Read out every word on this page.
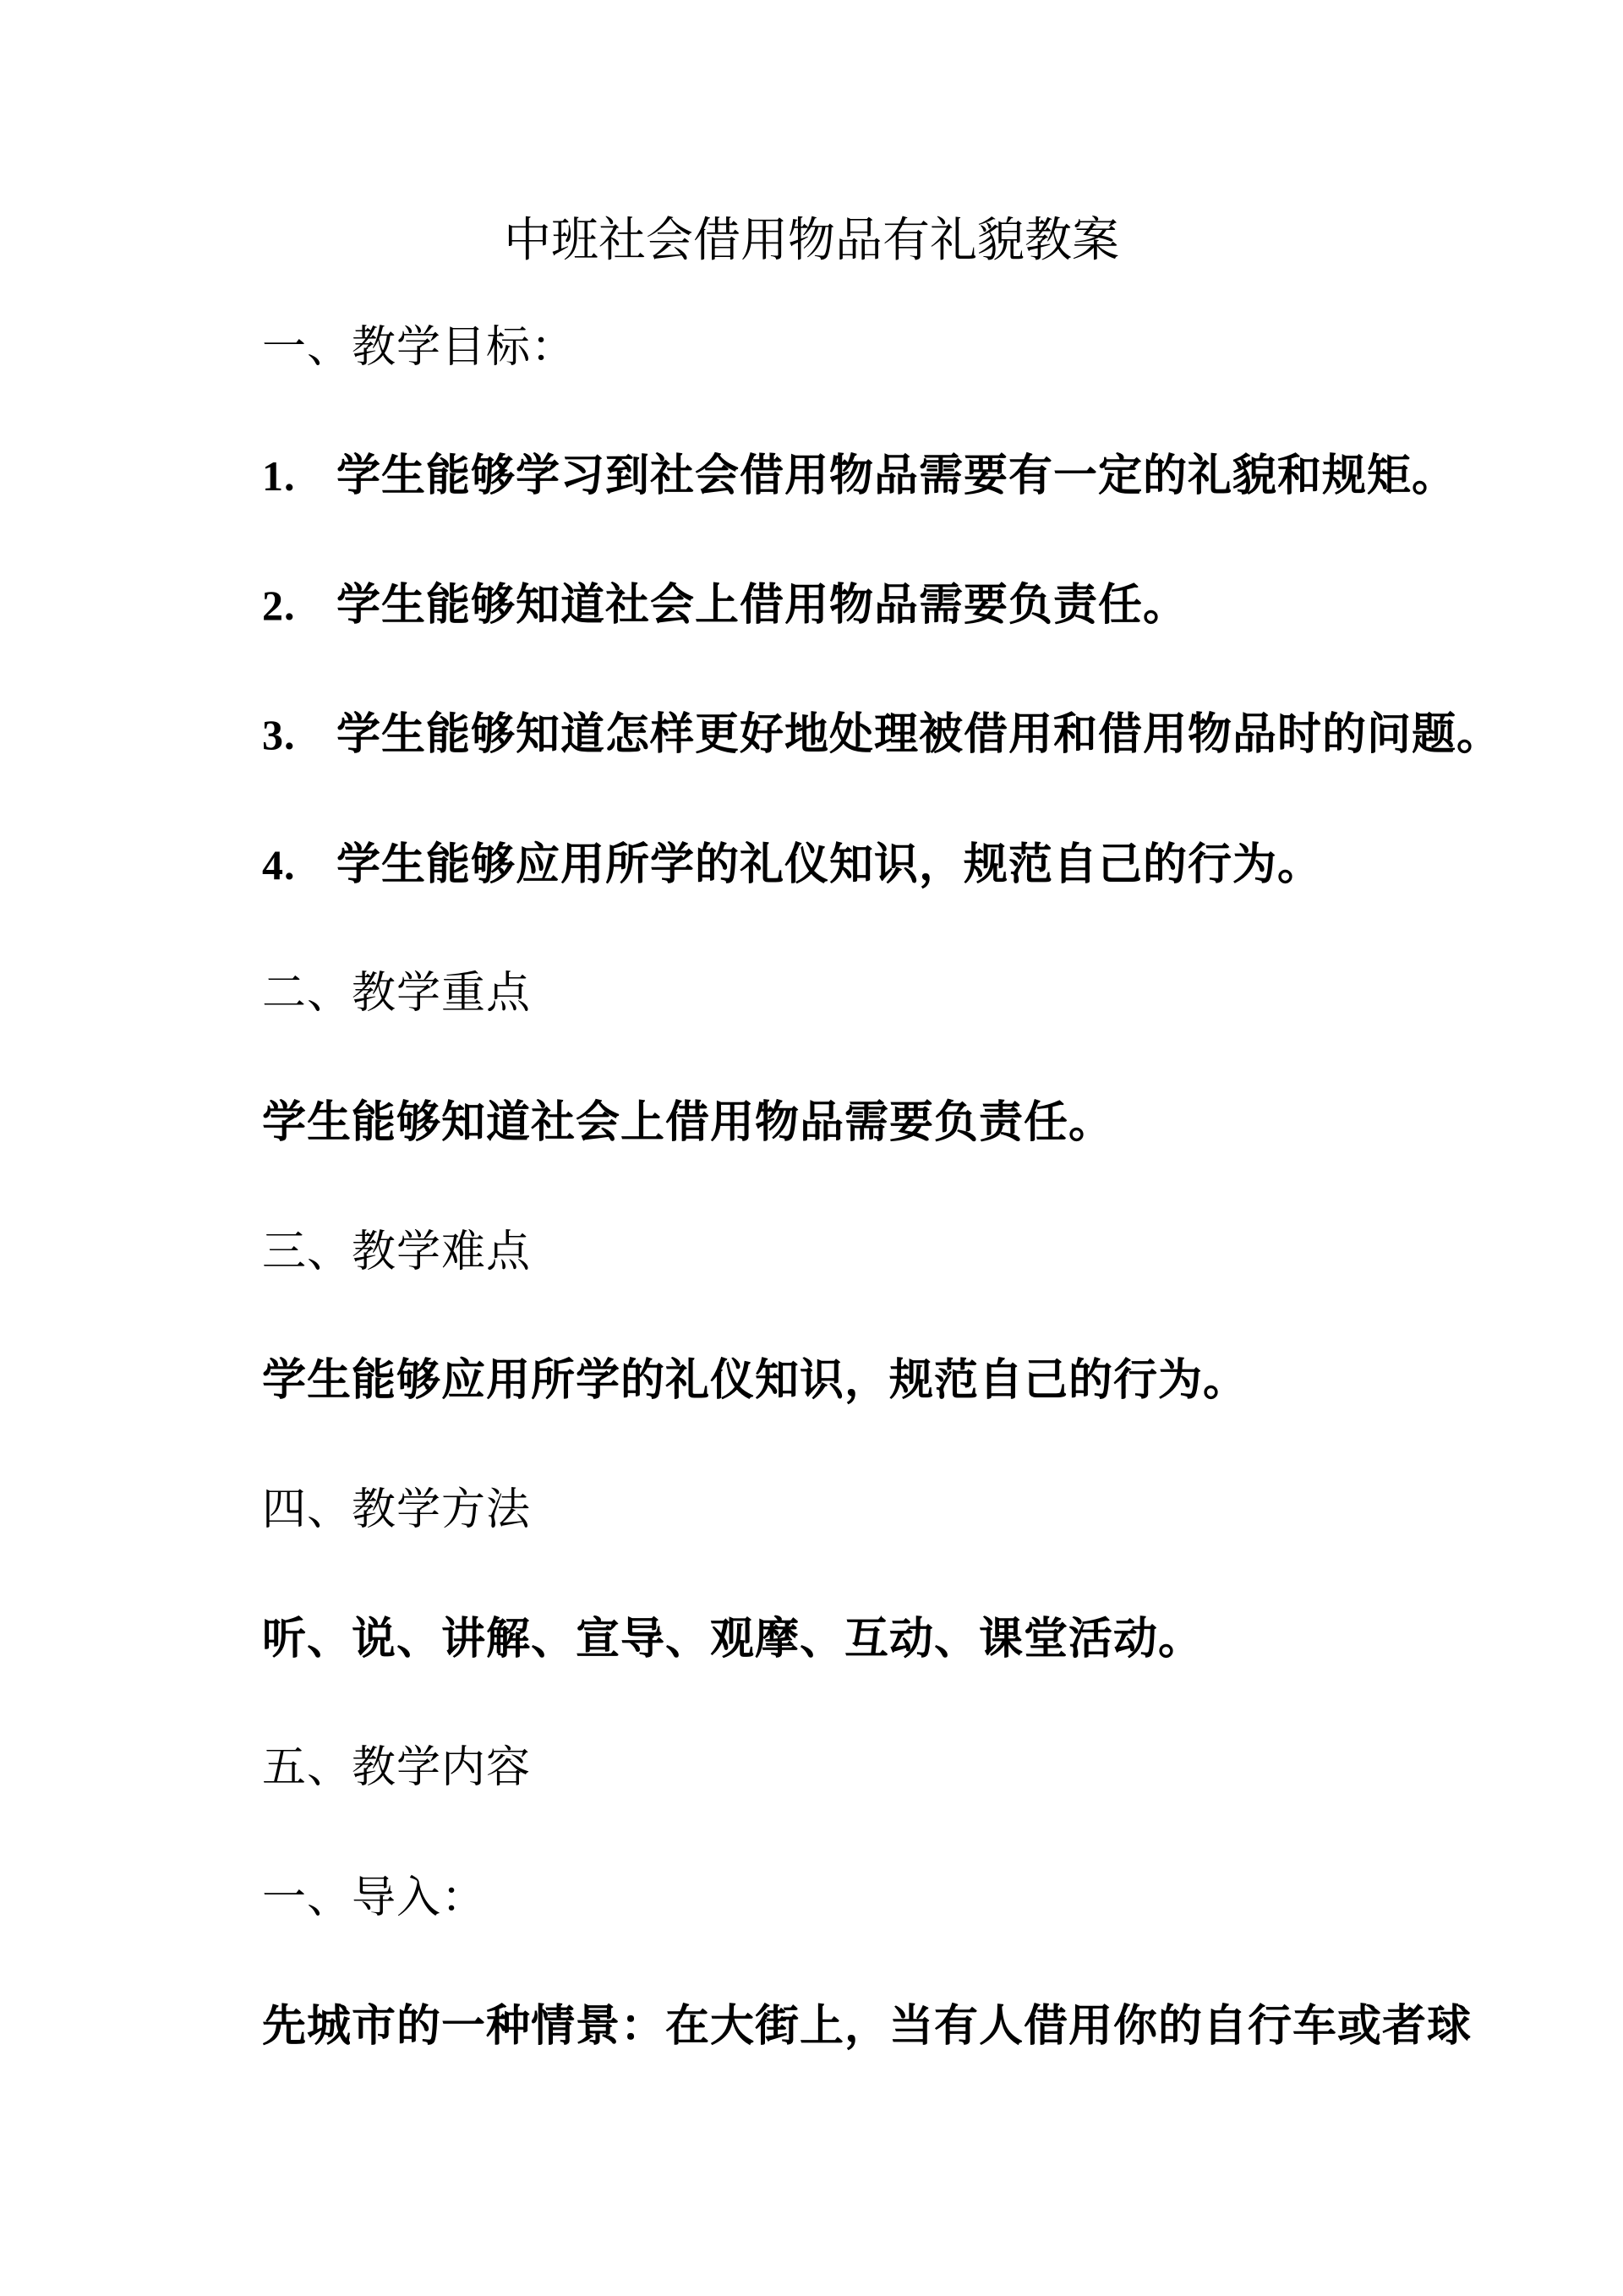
中班社会借用物品有礼貌教案
一、教学目标：
1. 学生能够学习到社会借用物品需要有一定的礼貌和规矩。
2. 学生能够知道社会上借用物品需要负责任。
3. 学生能够知道怎样更好地处理被借用和借用物品时的问题。
4. 学生能够应用所学的礼仪知识，规范自己的行为。
二、教学重点
学生能够知道社会上借用物品需要负责任。
三、教学难点
学生能够应用所学的礼仪知识，规范自己的行为。
四、教学方法
听、说、讲解、宣导、观摩、互动、课堂活动。
五、教学内容
一、导入：
先城市的一种情景：在大街上，当有人借用你的自行车或者球
